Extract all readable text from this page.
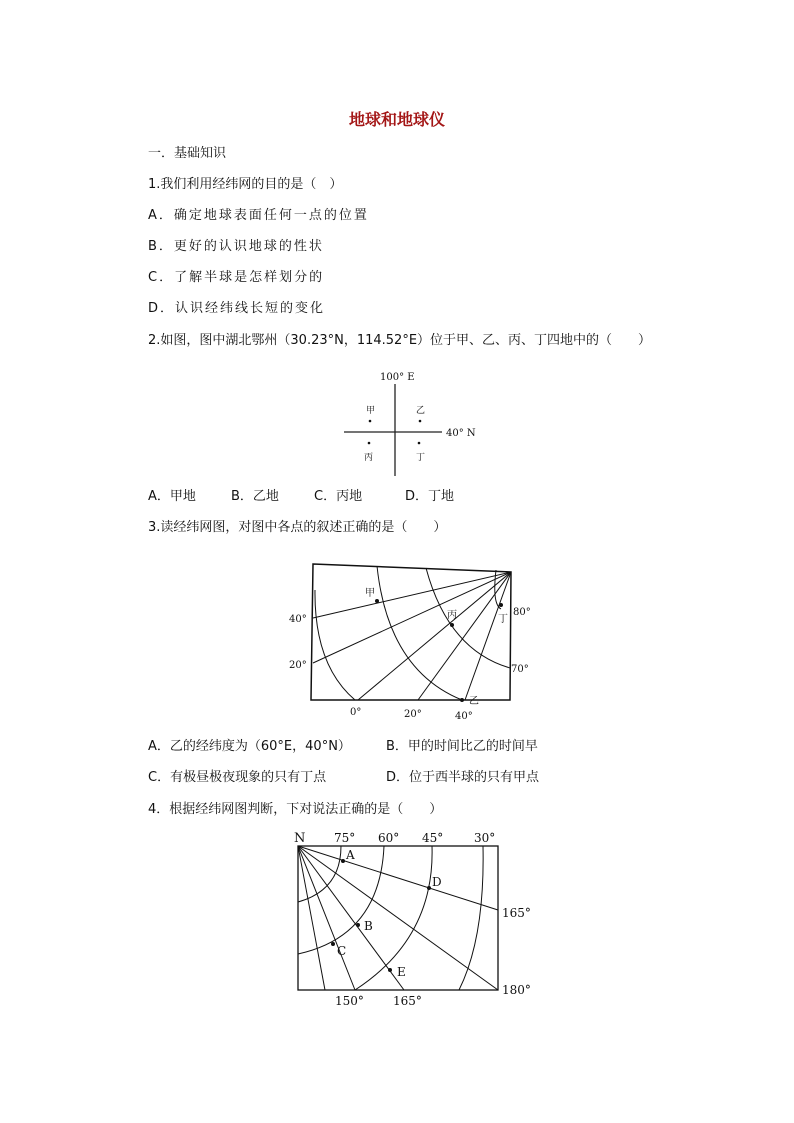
地球和地球仪
一．基础知识
1.我们利用经纬网的目的是（　）
A．确定地球表面任何一点的位置
B．更好的认识地球的性状
C．了解半球是怎样划分的
D．认识经纬线长短的变化
2.如图，图中湖北鄂州（30.23°N，114.52°E）位于甲、乙、丙、丁四地中的（　　）
100° E
40° N
甲	乙
丙	丁
A．甲地	B．乙地	C．丙地	D．丁地
3.读经纬网图，对图中各点的叙述正确的是（　　）
甲
丙	丁
乙
40°
20°
0°	20°	40°
80°
70°
A．乙的经纬度为（60°E，40°N）	B．甲的时间比乙的时间早
C．有极昼极夜现象的只有丁点	D．位于西半球的只有甲点
4．根据经纬网图判断，下对说法正确的是（　　）
A
B
C
D
E
N 75° 60° 45°	30°
165°
180°
150° 165°
